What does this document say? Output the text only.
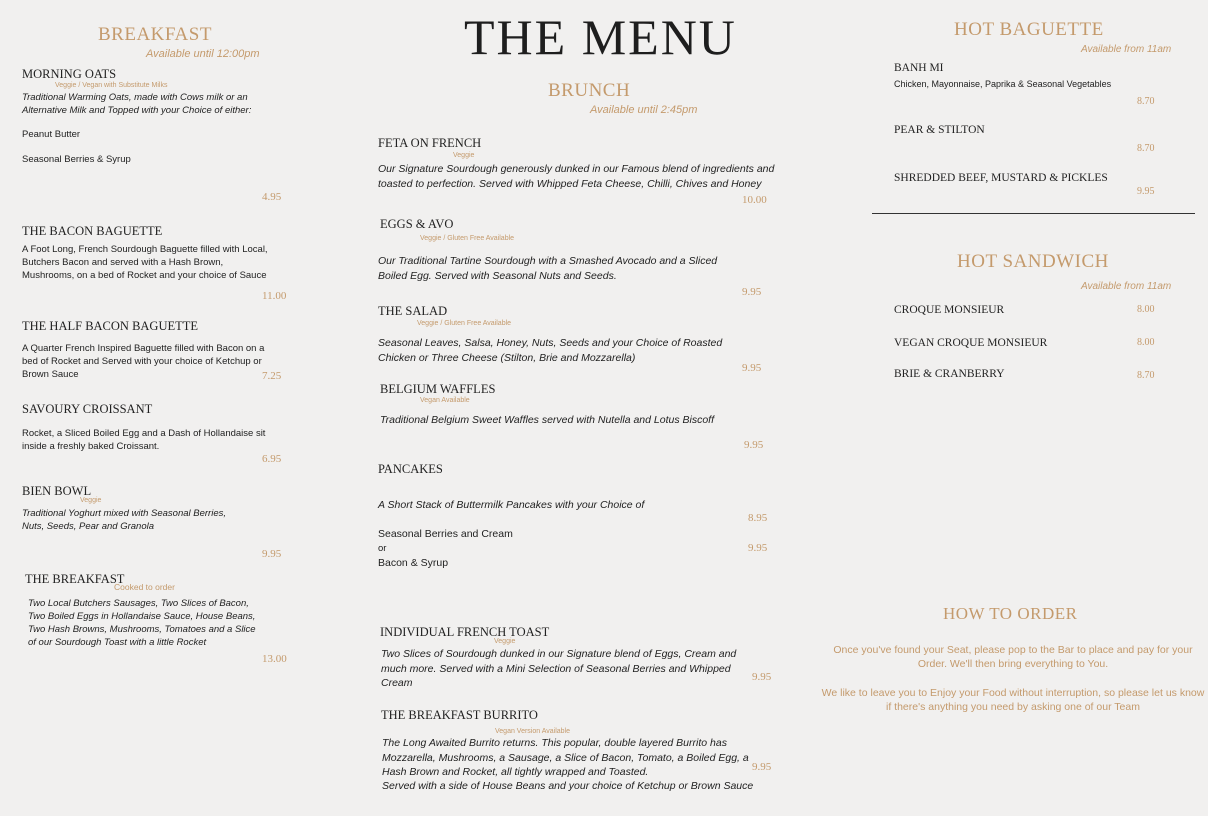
THE MENU
BREAKFAST
Available until 12:00pm
MORNING OATS
Veggie / Vegan with Substitute Milks
Traditional Warming Oats, made with Cows milk or an Alternative Milk and Topped with your Choice of either:
Peanut Butter
Seasonal Berries & Syrup
4.95
THE BACON BAGUETTE
A Foot Long, French Sourdough Baguette filled with Local, Butchers Bacon and served with a Hash Brown, Mushrooms, on a bed of Rocket and your choice of Sauce
11.00
THE HALF BACON BAGUETTE
A Quarter French Inspired Baguette filled with Bacon on a bed of Rocket and Served with your choice of Ketchup or Brown Sauce	7.25
SAVOURY CROISSANT
Rocket, a Sliced Boiled Egg and a Dash of Hollandaise sit inside a freshly baked Croissant.
6.95
BIEN BOWL
Veggie
Traditional Yoghurt mixed with Seasonal Berries, Nuts, Seeds, Pear and Granola
9.95
THE BREAKFAST
Cooked to order
Two Local Butchers Sausages, Two Slices of Bacon, Two Boiled Eggs in Hollandaise Sauce, House Beans, Two Hash Browns, Mushrooms, Tomatoes and a Slice of our Sourdough Toast with a little Rocket
13.00
BRUNCH
Available until 2:45pm
FETA ON FRENCH
Veggie
Our Signature Sourdough generously dunked in our Famous blend of ingredients and toasted to perfection. Served with Whipped Feta Cheese, Chilli, Chives and Honey
10.00
EGGS & AVO
Veggie / Gluten Free Available
Our Traditional Tartine Sourdough with a Smashed Avocado and a Sliced Boiled Egg. Served with Seasonal Nuts and Seeds.
9.95
THE SALAD
Veggie / Gluten Free Available
Seasonal Leaves, Salsa, Honey, Nuts, Seeds and your Choice of Roasted Chicken or Three Cheese (Stilton, Brie and Mozzarella)
9.95
BELGIUM WAFFLES
Vegan Available
Traditional Belgium Sweet Waffles served with Nutella and Lotus Biscoff
9.95
PANCAKES
A Short Stack of Buttermilk Pancakes with your Choice of
8.95
Seasonal Berries and Cream
9.95
or
Bacon & Syrup
INDIVIDUAL FRENCH TOAST
Veggie
Two Slices of Sourdough dunked in our Signature blend of Eggs, Cream and much more. Served with a Mini Selection of Seasonal Berries and Whipped Cream	9.95
THE BREAKFAST BURRITO
Vegan Version Available
The Long Awaited Burrito returns. This popular, double layered Burrito has Mozzarella, Mushrooms, a Sausage, a Slice of Bacon, Tomato, a Boiled Egg, a Hash Brown and Rocket, all tightly wrapped and Toasted.
Served with a side of House Beans and your choice of Ketchup or Brown Sauce
9.95
HOT BAGUETTE
Available from 11am
BANH MI
Chicken, Mayonnaise, Paprika & Seasonal Vegetables
8.70
PEAR & STILTON
8.70
SHREDDED BEEF, MUSTARD & PICKLES
9.95
HOT SANDWICH
Available from 11am
CROQUE MONSIEUR	8.00
VEGAN CROQUE MONSIEUR	8.00
BRIE & CRANBERRY	8.70
HOW TO ORDER
Once you've found your Seat, please pop to the Bar to place and pay for your Order. We'll then bring everything to You.
We like to leave you to Enjoy your Food without interruption, so please let us know if there's anything you need by asking one of our Team
